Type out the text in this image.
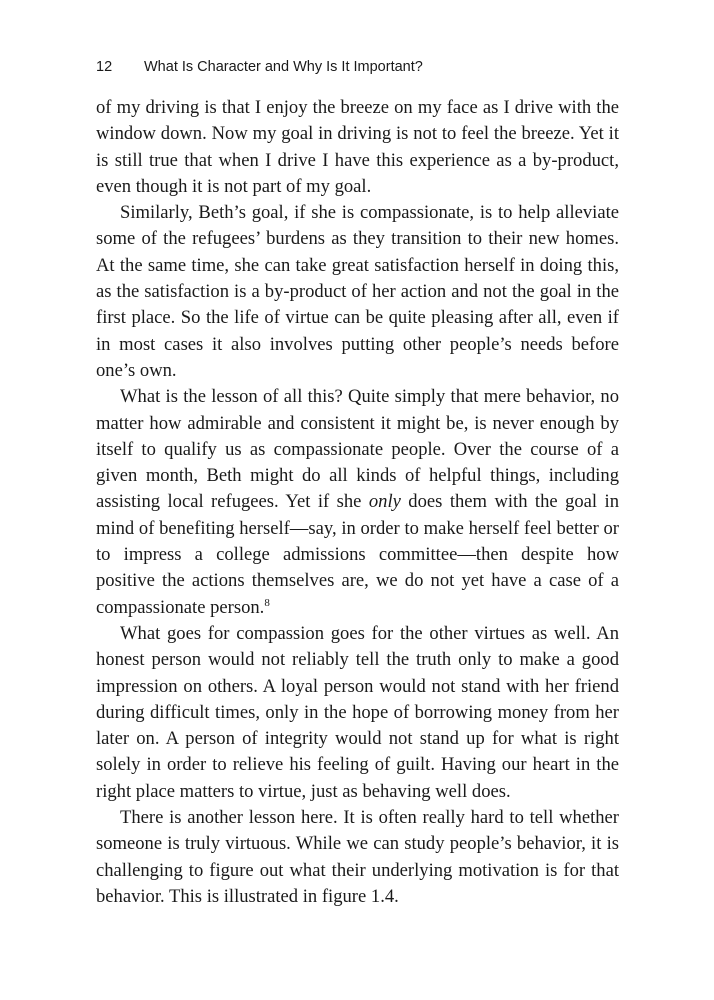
12 What Is Character and Why Is It Important?

of my driving is that I enjoy the breeze on my face as I drive with the window down. Now my goal in driving is not to feel the breeze. Yet it is still true that when I drive I have this experience as a by-product, even though it is not part of my goal.

Similarly, Beth’s goal, if she is compassionate, is to help alleviate some of the refugees’ burdens as they transition to their new homes. At the same time, she can take great satisfaction herself in doing this, as the satisfaction is a by-product of her action and not the goal in the first place. So the life of virtue can be quite pleasing after all, even if in most cases it also involves putting other people’s needs before one’s own.

What is the lesson of all this? Quite simply that mere behavior, no matter how admirable and consistent it might be, is never enough by itself to qualify us as compassionate people. Over the course of a given month, Beth might do all kinds of helpful things, including assisting local refugees. Yet if she only does them with the goal in mind of benefiting herself—say, in order to make herself feel better or to impress a college admissions committee—then despite how positive the actions themselves are, we do not yet have a case of a compassionate person.$^8$

What goes for compassion goes for the other virtues as well. An honest person would not reliably tell the truth only to make a good impression on others. A loyal person would not stand with her friend during difficult times, only in the hope of borrowing money from her later on. A person of integrity would not stand up for what is right solely in order to relieve his feeling of guilt. Having our heart in the right place matters to virtue, just as behaving well does.

There is another lesson here. It is often really hard to tell whether someone is truly virtuous. While we can study people’s behavior, it is challenging to figure out what their underlying motivation is for that behavior. This is illustrated in figure 1.4.
